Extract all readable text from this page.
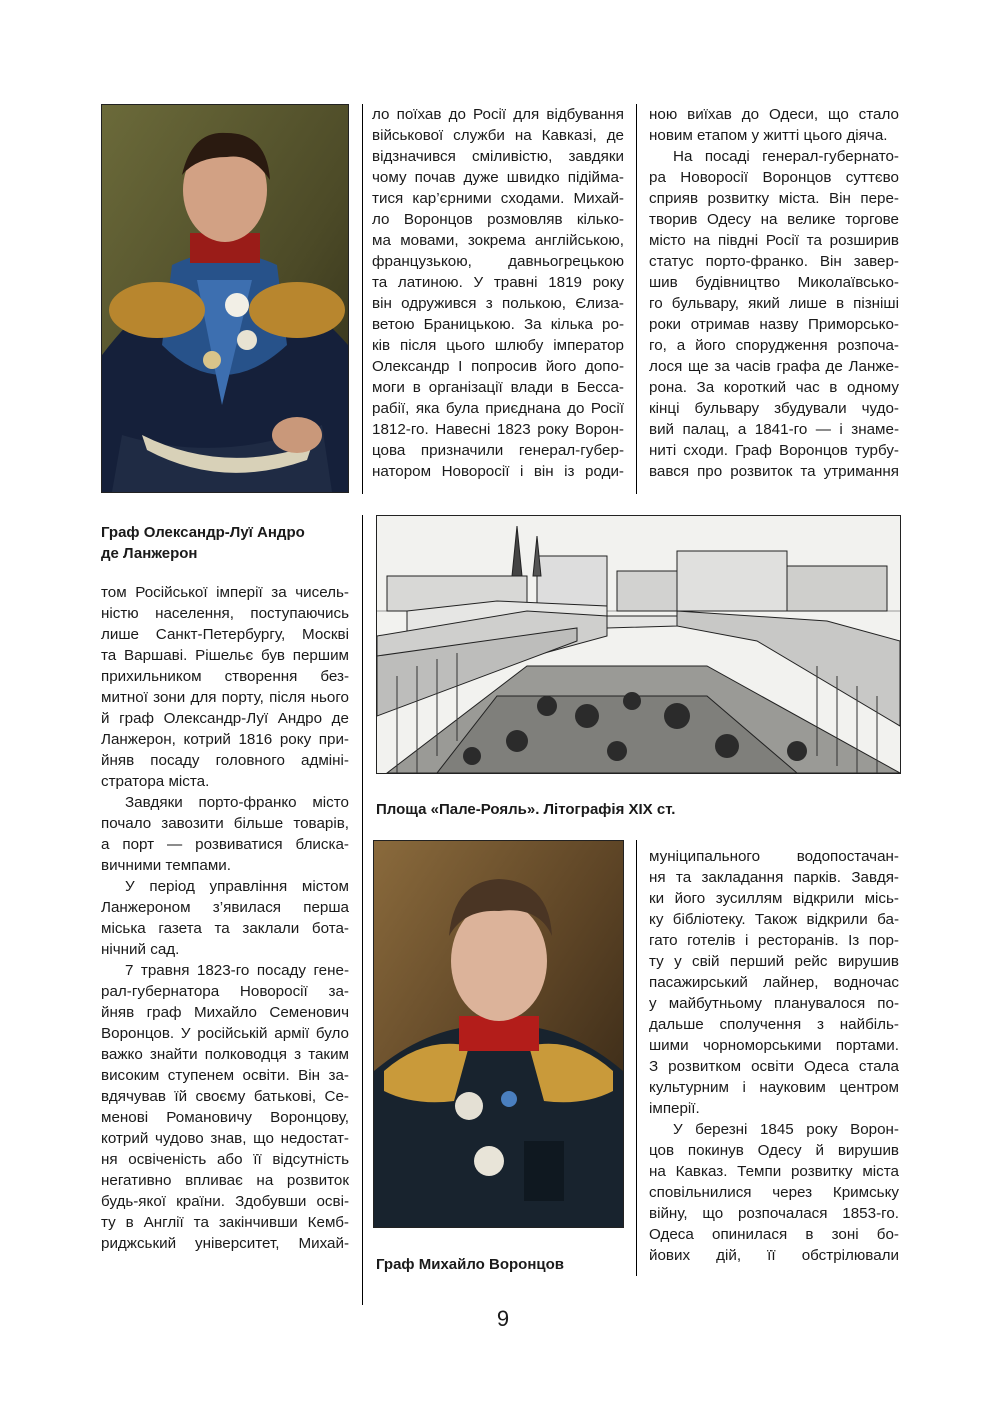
Граф Олександр-Луї Андро
де Ланжерон
ло поїхав до Росії для відбування
військової служби на Кавказі, де
відзначився сміливістю, завдяки
чому почав дуже швидко підійма-
тися кар’єрними сходами. Михай-
ло Воронцов розмовляв кілько-
ма мовами, зокрема англійською,
французькою, давньогрецькою
та латиною. У травні 1819 року
він одружився з полькою, Єлиза-
ветою Браницькою. За кілька ро-
ків після цього шлюбу імператор
Олександр I попросив його допо-
моги в організації влади в Бесса-
рабії, яка була приєднана до Росії
1812-го. Навесні 1823 року Ворон-
цова призначили генерал-губер-
натором Новоросії і він із роди-
ною виїхав до Одеси, що стало
новим етапом у житті цього діяча.
На посаді генерал-губернато-
ра Новоросії Воронцов суттєво
сприяв розвитку міста. Він пере-
творив Одесу на велике торгове
місто на півдні Росії та розширив
статус порто-франко. Він завер-
шив будівництво Миколаївсько-
го бульвару, який лише в пізніші
роки отримав назву Приморсько-
го, а його спорудження розпоча-
лося ще за часів графа де Ланже-
рона. За короткий час в одному
кінці бульвару збудували чудо-
вий палац, а 1841-го — і знаме-
ниті сходи. Граф Воронцов турбу-
вався про розвиток та утримання
Площа «Пале-Рояль». Літографія XIX ст.
том Російської імперії за чисель-
ністю населення, поступаючись
лише Санкт-Петербургу, Москві
та Варшаві. Рішельє був першим
прихильником створення без-
митної зони для порту, після нього
й граф Олександр-Луї Андро де
Ланжерон, котрий 1816 року при-
йняв посаду головного адміні-
стратора міста.
Завдяки порто-франко місто
почало завозити більше товарів,
а порт — розвиватися блиска-
вичними темпами.
У період управління містом
Ланжероном з’явилася перша
міська газета та заклали бота-
нічний сад.
7 травня 1823-го посаду гене-
рал-губернатора Новоросії за-
йняв граф Михайло Семенович
Воронцов. У російській армії було
важко знайти полководця з таким
високим ступенем освіти. Він за-
вдячував їй своєму батькові, Се-
менові Романовичу Воронцову,
котрий чудово знав, що недостат-
ня освіченість або її відсутність
негативно впливає на розвиток
будь-якої країни. Здобувши осві-
ту в Англії та закінчивши Кемб-
риджський університет, Михай-
Граф Михайло Воронцов
муніципального водопостачан-
ня та закладання парків. Завдя-
ки його зусиллям відкрили місь-
ку бібліотеку. Також відкрили ба-
гато готелів і ресторанів. Із пор-
ту у свій перший рейс вирушив
пасажирський лайнер, водночас
у майбутньому планувалося по-
дальше сполучення з найбіль-
шими чорноморськими портами.
З розвитком освіти Одеса стала
культурним і науковим центром
імперії.
У березні 1845 року Ворон-
цов покинув Одесу й вирушив
на Кавказ. Темпи розвитку міста
сповільнилися через Кримську
війну, що розпочалася 1853-го.
Одеса опинилася в зоні бо-
йових дій, її обстрілювали
9
